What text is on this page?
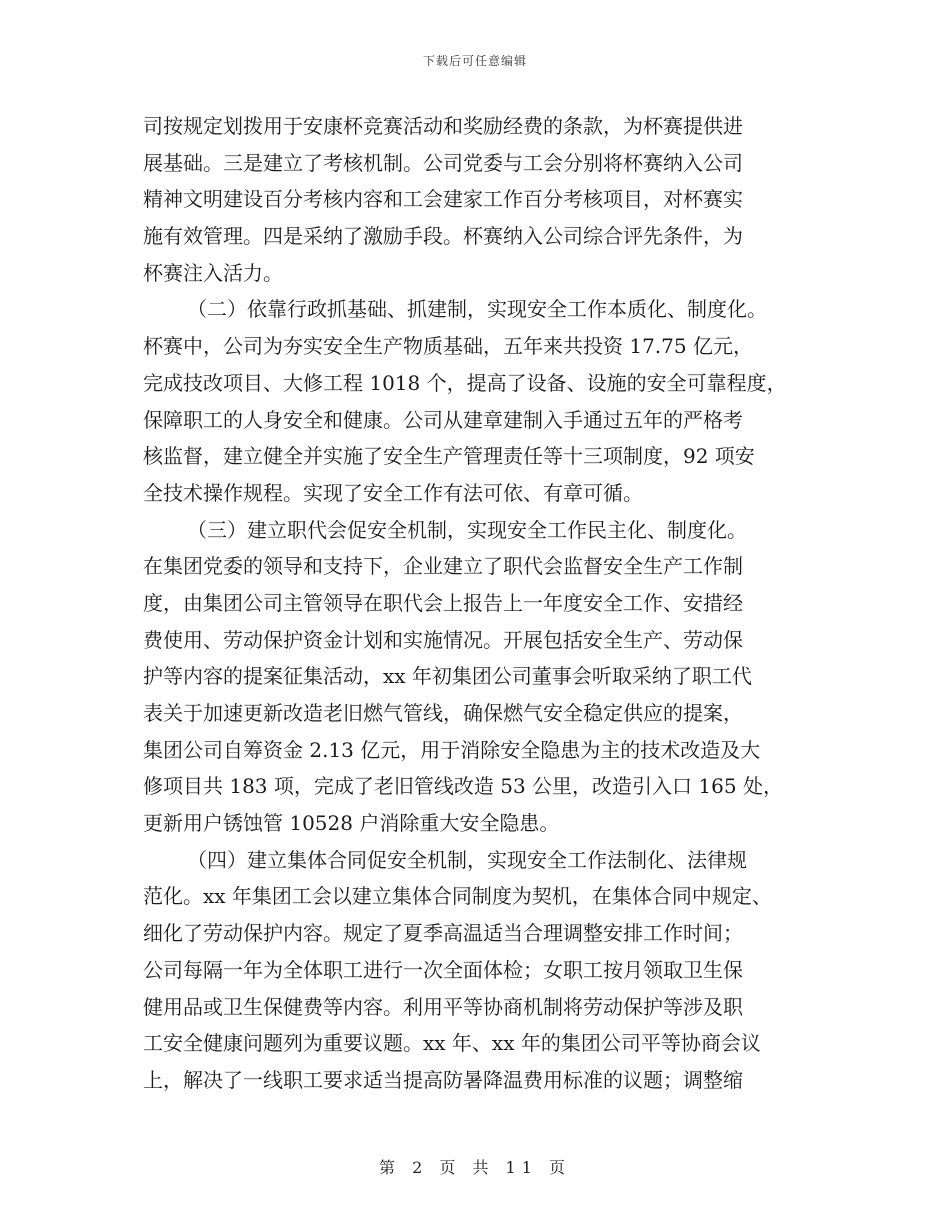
下载后可任意编辑
司按规定划拨用于安康杯竞赛活动和奖励经费的条款，为杯赛提供进
展基础。三是建立了考核机制。公司党委与工会分别将杯赛纳入公司
精神文明建设百分考核内容和工会建家工作百分考核项目，对杯赛实
施有效管理。四是采纳了激励手段。杯赛纳入公司综合评先条件，为
杯赛注入活力。
（二）依靠行政抓基础、抓建制，实现安全工作本质化、制度化。
杯赛中，公司为夯实安全生产物质基础，五年来共投资 17.75 亿元，
完成技改项目、大修工程 1018 个，提高了设备、设施的安全可靠程度，
保障职工的人身安全和健康。公司从建章建制入手通过五年的严格考
核监督，建立健全并实施了安全生产管理责任等十三项制度，92 项安
全技术操作规程。实现了安全工作有法可依、有章可循。
（三）建立职代会促安全机制，实现安全工作民主化、制度化。
在集团党委的领导和支持下，企业建立了职代会监督安全生产工作制
度，由集团公司主管领导在职代会上报告上一年度安全工作、安措经
费使用、劳动保护资金计划和实施情况。开展包括安全生产、劳动保
护等内容的提案征集活动，xx 年初集团公司董事会听取采纳了职工代
表关于加速更新改造老旧燃气管线，确保燃气安全稳定供应的提案，
集团公司自筹资金 2.13 亿元，用于消除安全隐患为主的技术改造及大
修项目共 183 项，完成了老旧管线改造 53 公里，改造引入口 165 处，
更新用户锈蚀管 10528 户消除重大安全隐患。
（四）建立集体合同促安全机制，实现安全工作法制化、法律规
范化。xx 年集团工会以建立集体合同制度为契机，在集体合同中规定、
细化了劳动保护内容。规定了夏季高温适当合理调整安排工作时间；
公司每隔一年为全体职工进行一次全面体检；女职工按月领取卫生保
健用品或卫生保健费等内容。利用平等协商机制将劳动保护等涉及职
工安全健康问题列为重要议题。xx 年、xx 年的集团公司平等协商会议
上，解决了一线职工要求适当提高防暑降温费用标准的议题；调整缩
第 2 页 共 11 页
